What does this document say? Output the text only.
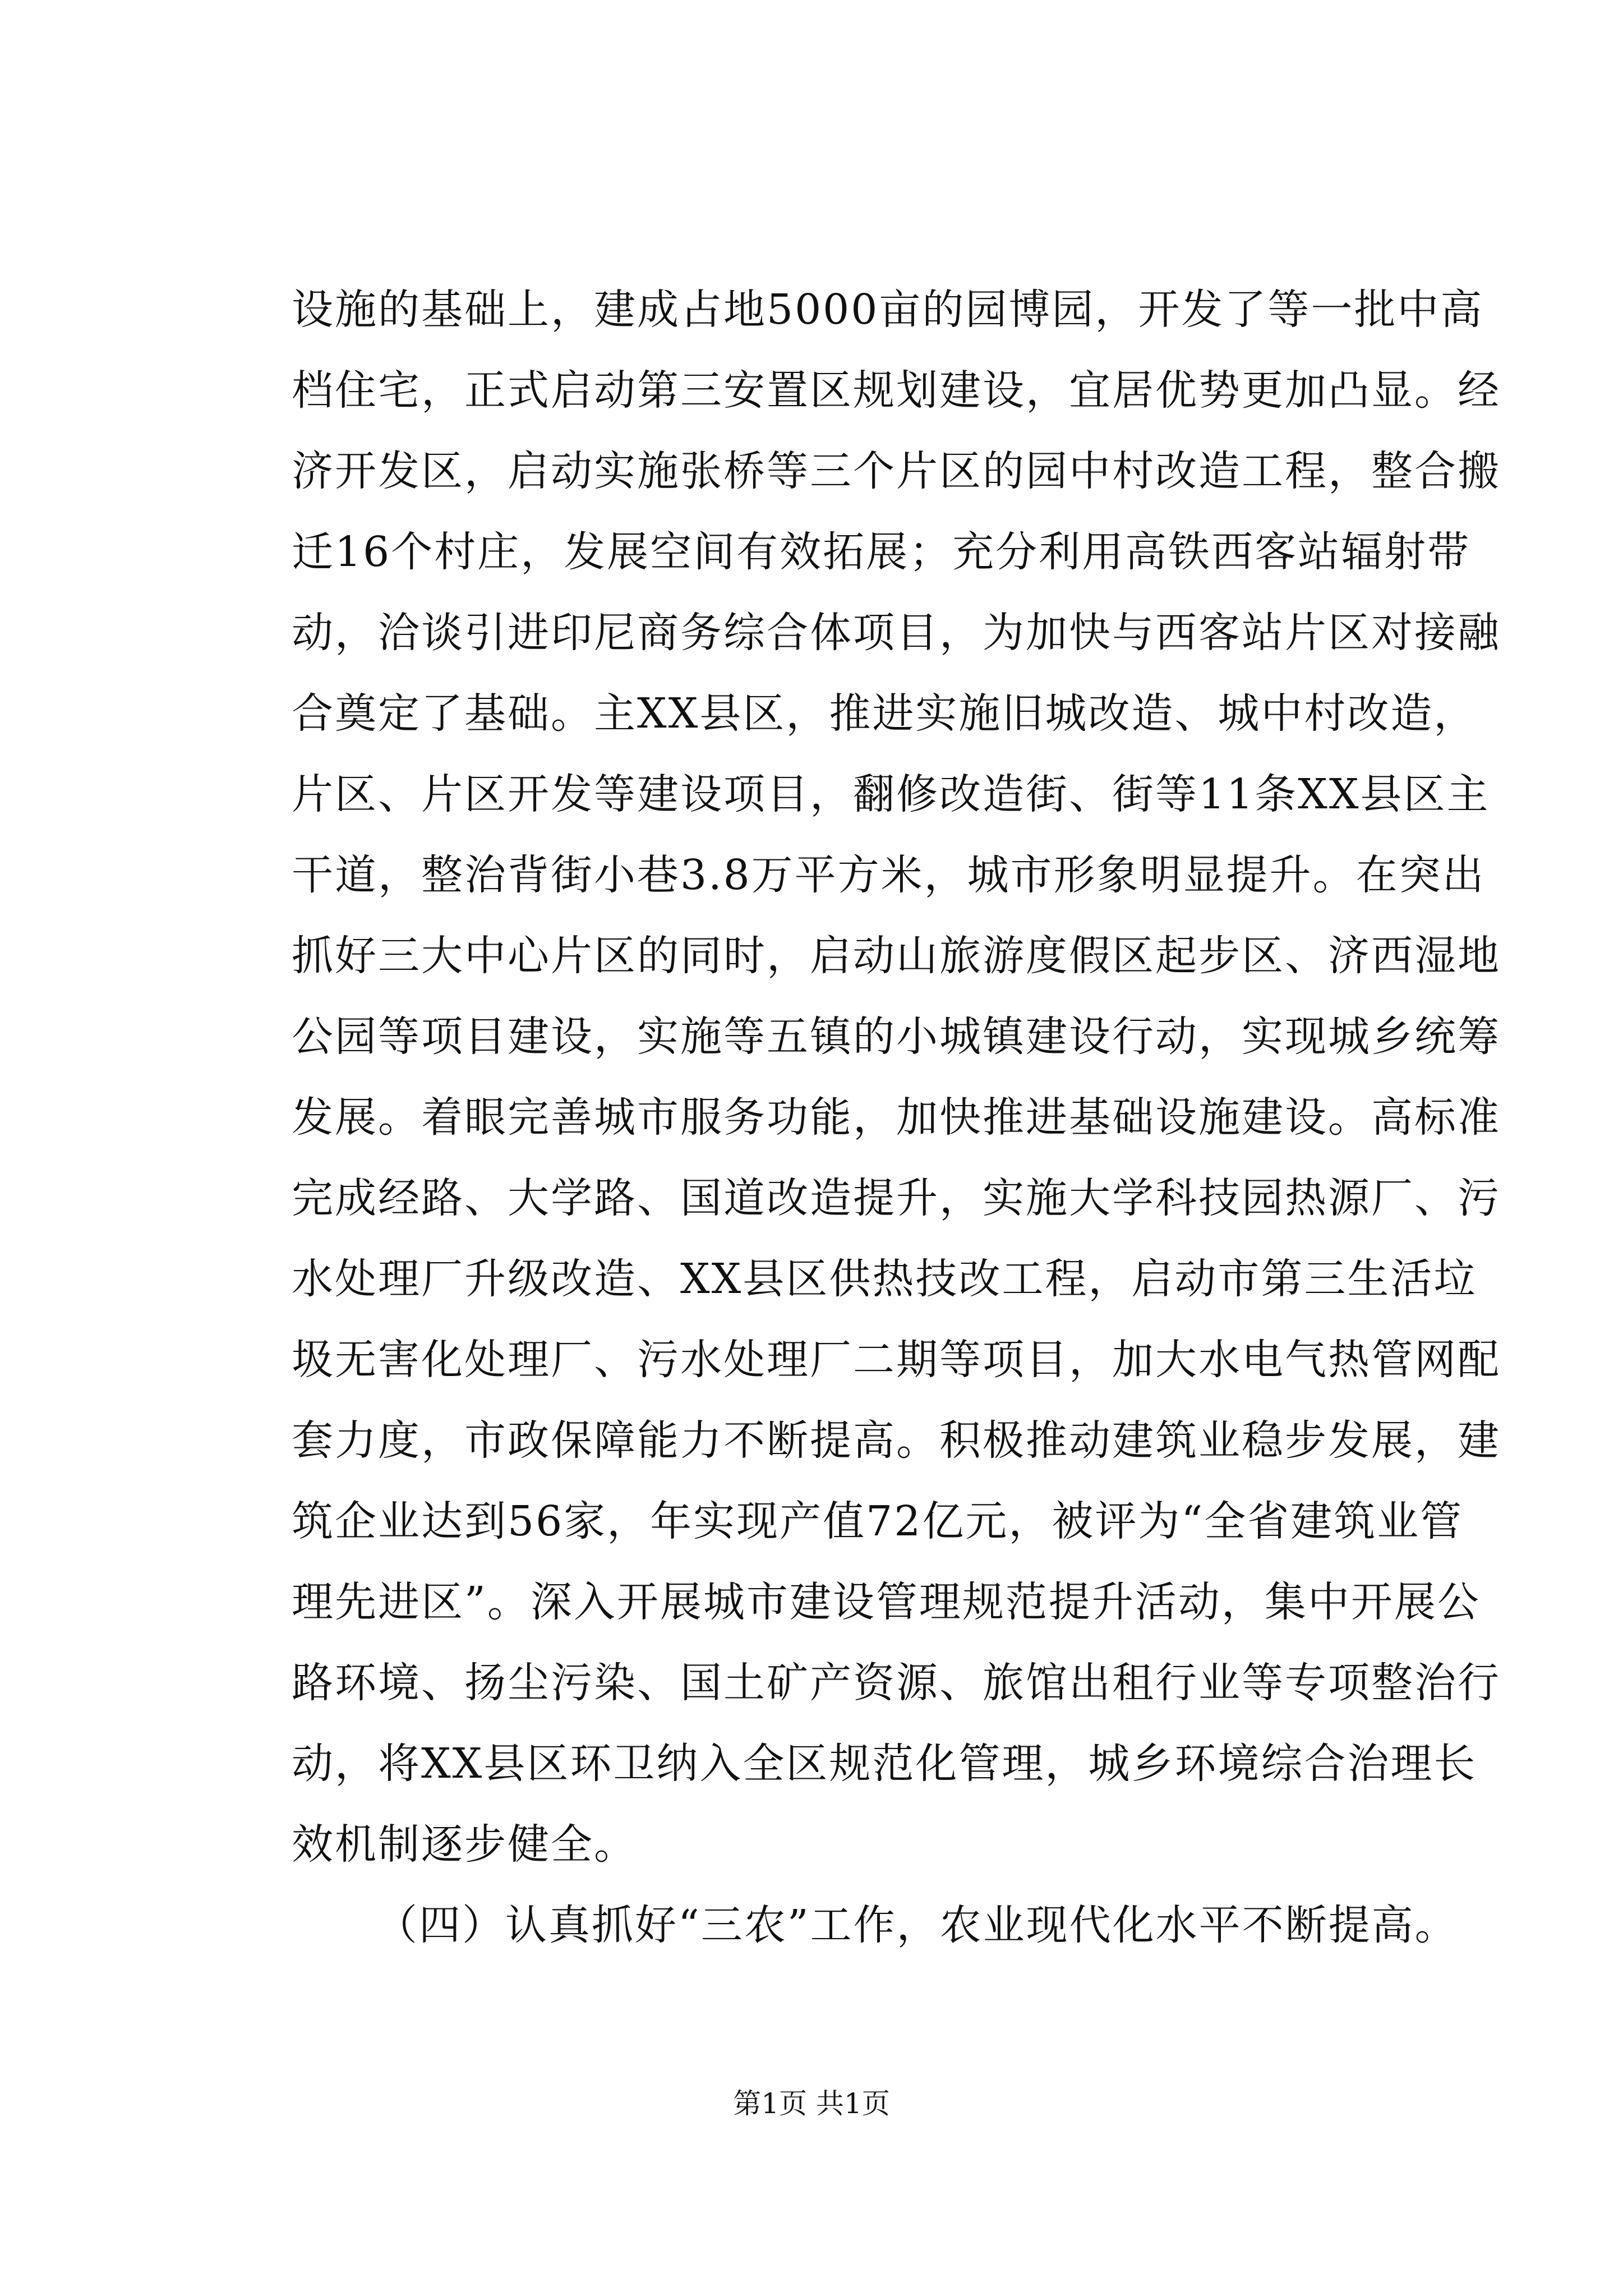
设施的基础上，建成占地5000亩的园博园，开发了等一批中高
档住宅，正式启动第三安置区规划建设，宜居优势更加凸显。经
济开发区，启动实施张桥等三个片区的园中村改造工程，整合搬
迁16个村庄，发展空间有效拓展；充分利用高铁西客站辐射带
动，洽谈引进印尼商务综合体项目，为加快与西客站片区对接融
合奠定了基础。主XX县区，推进实施旧城改造、城中村改造，
片区、片区开发等建设项目，翻修改造街、街等11条XX县区主
干道，整治背街小巷3.8万平方米，城市形象明显提升。在突出
抓好三大中心片区的同时，启动山旅游度假区起步区、济西湿地
公园等项目建设，实施等五镇的小城镇建设行动，实现城乡统筹
发展。着眼完善城市服务功能，加快推进基础设施建设。高标准
完成经路、大学路、国道改造提升，实施大学科技园热源厂、污
水处理厂升级改造、XX县区供热技改工程，启动市第三生活垃
圾无害化处理厂、污水处理厂二期等项目，加大水电气热管网配
套力度，市政保障能力不断提高。积极推动建筑业稳步发展，建
筑企业达到56家，年实现产值72亿元，被评为“全省建筑业管
理先进区”。深入开展城市建设管理规范提升活动，集中开展公
路环境、扬尘污染、国土矿产资源、旅馆出租行业等专项整治行
动，将XX县区环卫纳入全区规范化管理，城乡环境综合治理长
效机制逐步健全。
（四）认真抓好“三农”工作，农业现代化水平不断提高。
第1页 共1页
